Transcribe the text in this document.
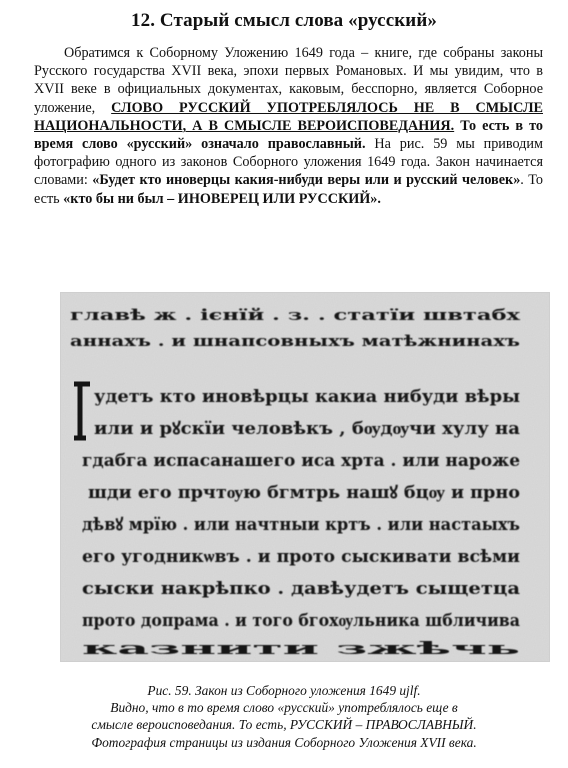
12. Старый смысл слова «русский»

Обратимся к Соборному Уложению 1649 года – книге, где собраны законы Русского государства XVII века, эпохи первых Романовых. И мы увидим, что в XVII веке в официальных документах, каковым, бесспорно, является Соборное уложение, СЛОВО РУССКИЙ УПОТРЕБЛЯЛОСЬ НЕ В СМЫСЛЕ НАЦИОНАЛЬНОСТИ, А В СМЫСЛЕ ВЕРОИСПОВЕДАНИЯ. То есть в то время слово «русский» означало православный. На рис. 59 мы приводим фотографию одного из законов Соборного уложения 1649 года. Закон начинается словами: «Будет кто иноверцы какия-нибуди веры или и русский человек». То есть «кто бы ни был – ИНОВЕРЕЦ ИЛИ РУССКИЙ».

главѣ ж . ієнїй . з. . статїи швтабх
аннахъ . и шнапсовныхъ матѣжнинахъ
удетъ кто иновѣрцы какиа нибуди вѣры
или и рꙋскїи человѣкъ , бѹдѹчи хулу на
гдабга испасанашего иса хрта . или нароже
шди его прчтѹю бгмтрь нашꙋ бцѹ и прно
дѣвꙋ мрїю . или начтныи кртъ . или настаыхъ
его угодникѡвъ . и прото сыскивати всѣми
сыски накрѣпко . давѣудетъ сыщетца
прото допрама . и того бгохѹльника шбличива
казнити зжѣчь
Рис. 59. Закон из Соборного уложения 1649 ujlf.
Видно, что в то время слово «русский» употреблялось еще в
смысле вероисповедания. То есть, РУССКИЙ – ПРАВОСЛАВНЫЙ.
Фотография страницы из издания Соборного Уложения XVII века.
